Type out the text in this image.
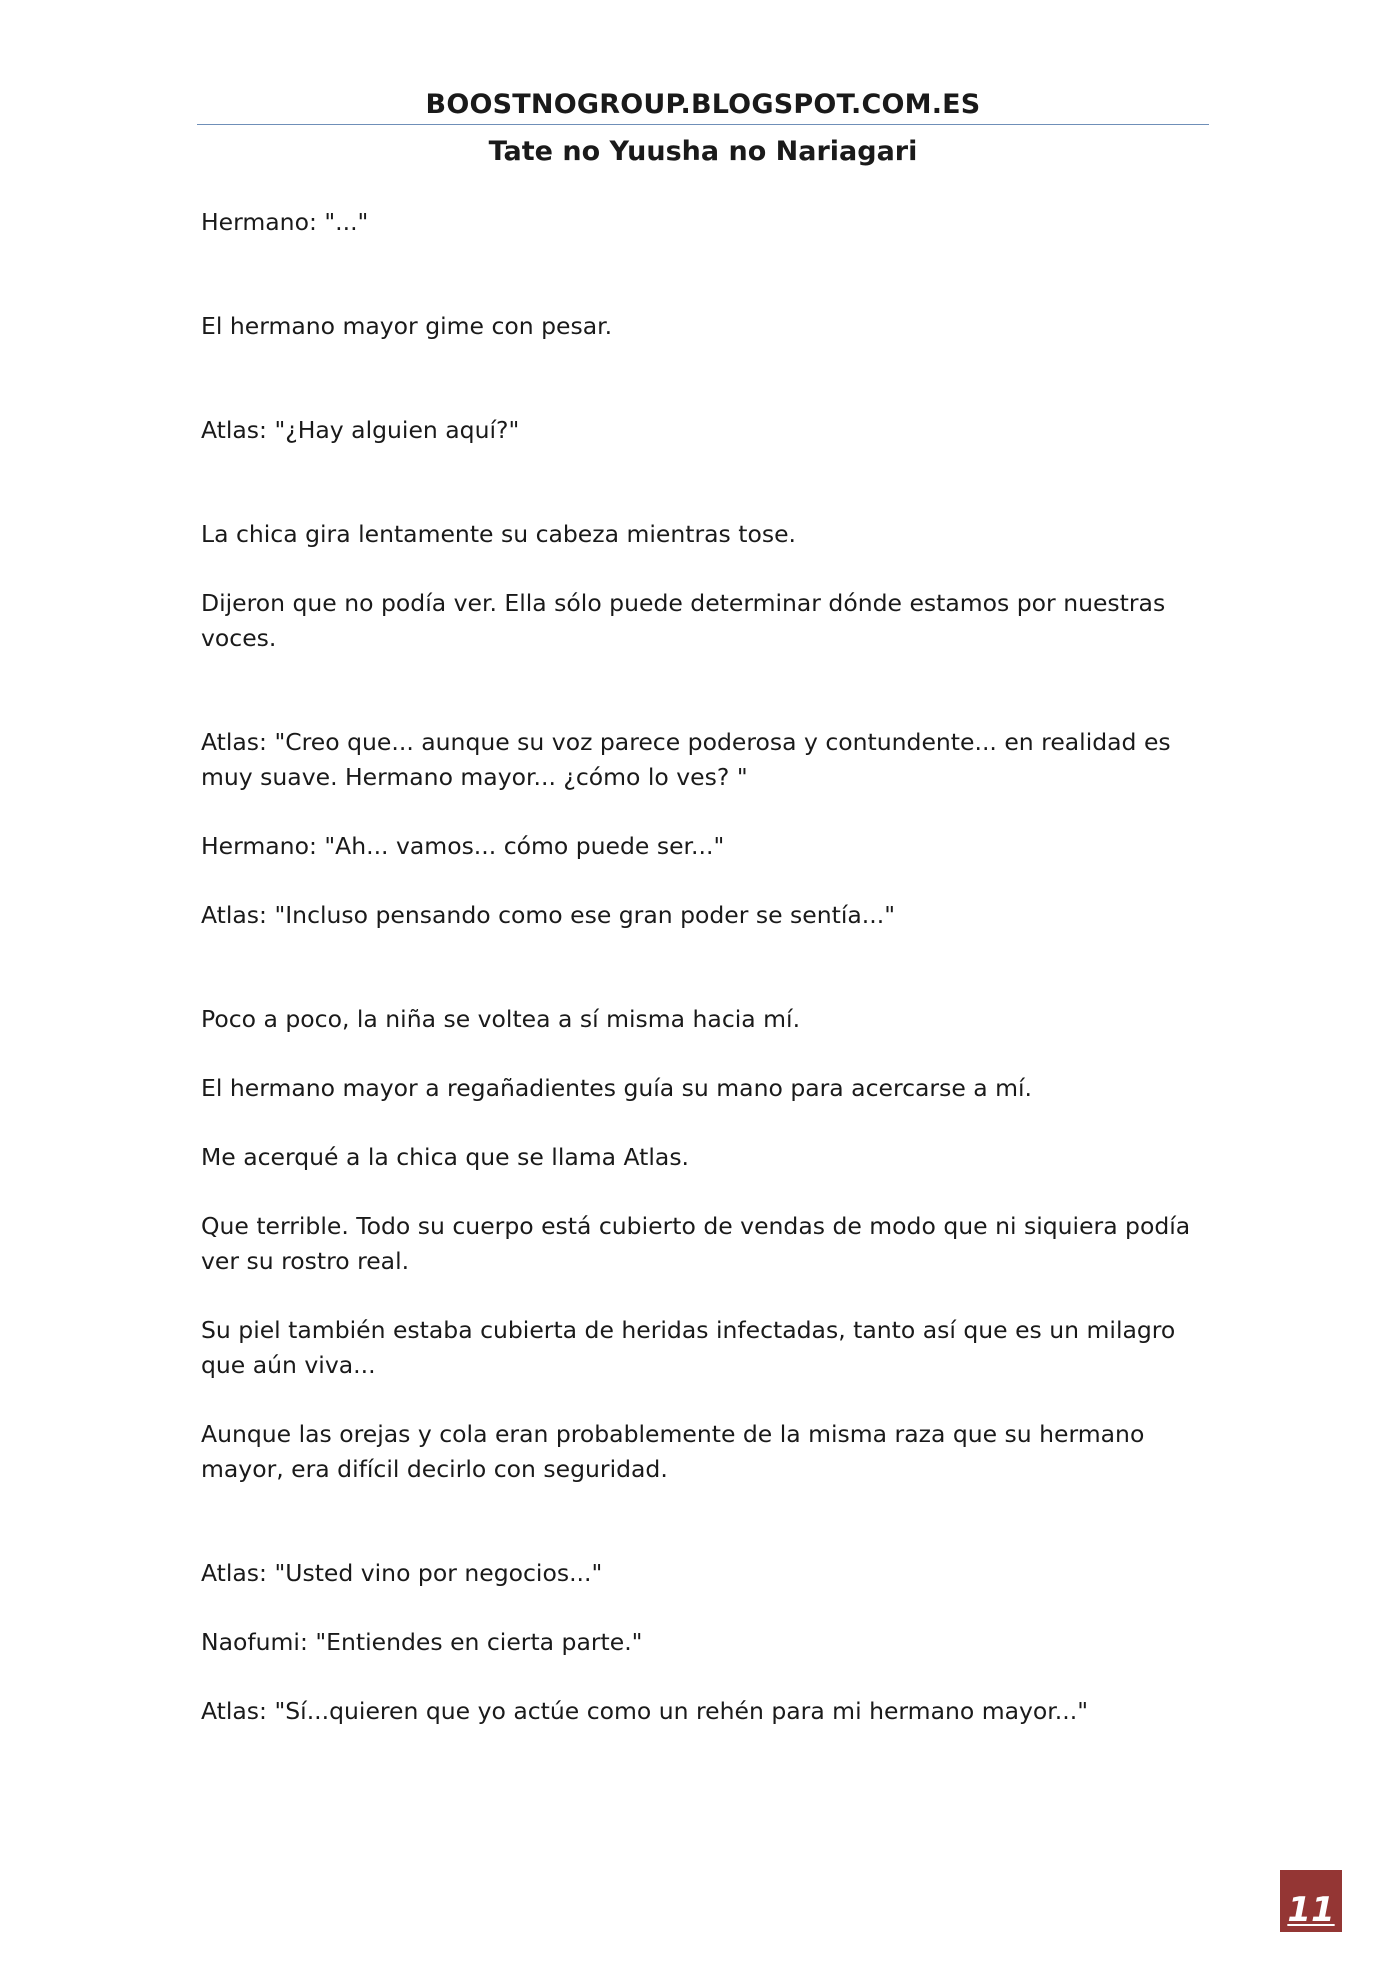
BOOSTNOGROUP.BLOGSPOT.COM.ES
Tate no Yuusha no Nariagari

Hermano: "..."

El hermano mayor gime con pesar.

Atlas: "¿Hay alguien aquí?"

La chica gira lentamente su cabeza mientras tose.

Dijeron que no podía ver. Ella sólo puede determinar dónde estamos por nuestras voces.

Atlas: "Creo que... aunque su voz parece poderosa y contundente... en realidad es muy suave. Hermano mayor... ¿cómo lo ves? "

Hermano: "Ah... vamos... cómo puede ser..."

Atlas: "Incluso pensando como ese gran poder se sentía..."

Poco a poco, la niña se voltea a sí misma hacia mí.

El hermano mayor a regañadientes guía su mano para acercarse a mí.

Me acerqué a la chica que se llama Atlas.

Que terrible. Todo su cuerpo está cubierto de vendas de modo que ni siquiera podía ver su rostro real.

Su piel también estaba cubierta de heridas infectadas, tanto así que es un milagro que aún viva...

Aunque las orejas y cola eran probablemente de la misma raza que su hermano mayor, era difícil decirlo con seguridad.

Atlas: "Usted vino por negocios..."

Naofumi: "Entiendes en cierta parte."

Atlas: "Sí...quieren que yo actúe como un rehén para mi hermano mayor..."

11
